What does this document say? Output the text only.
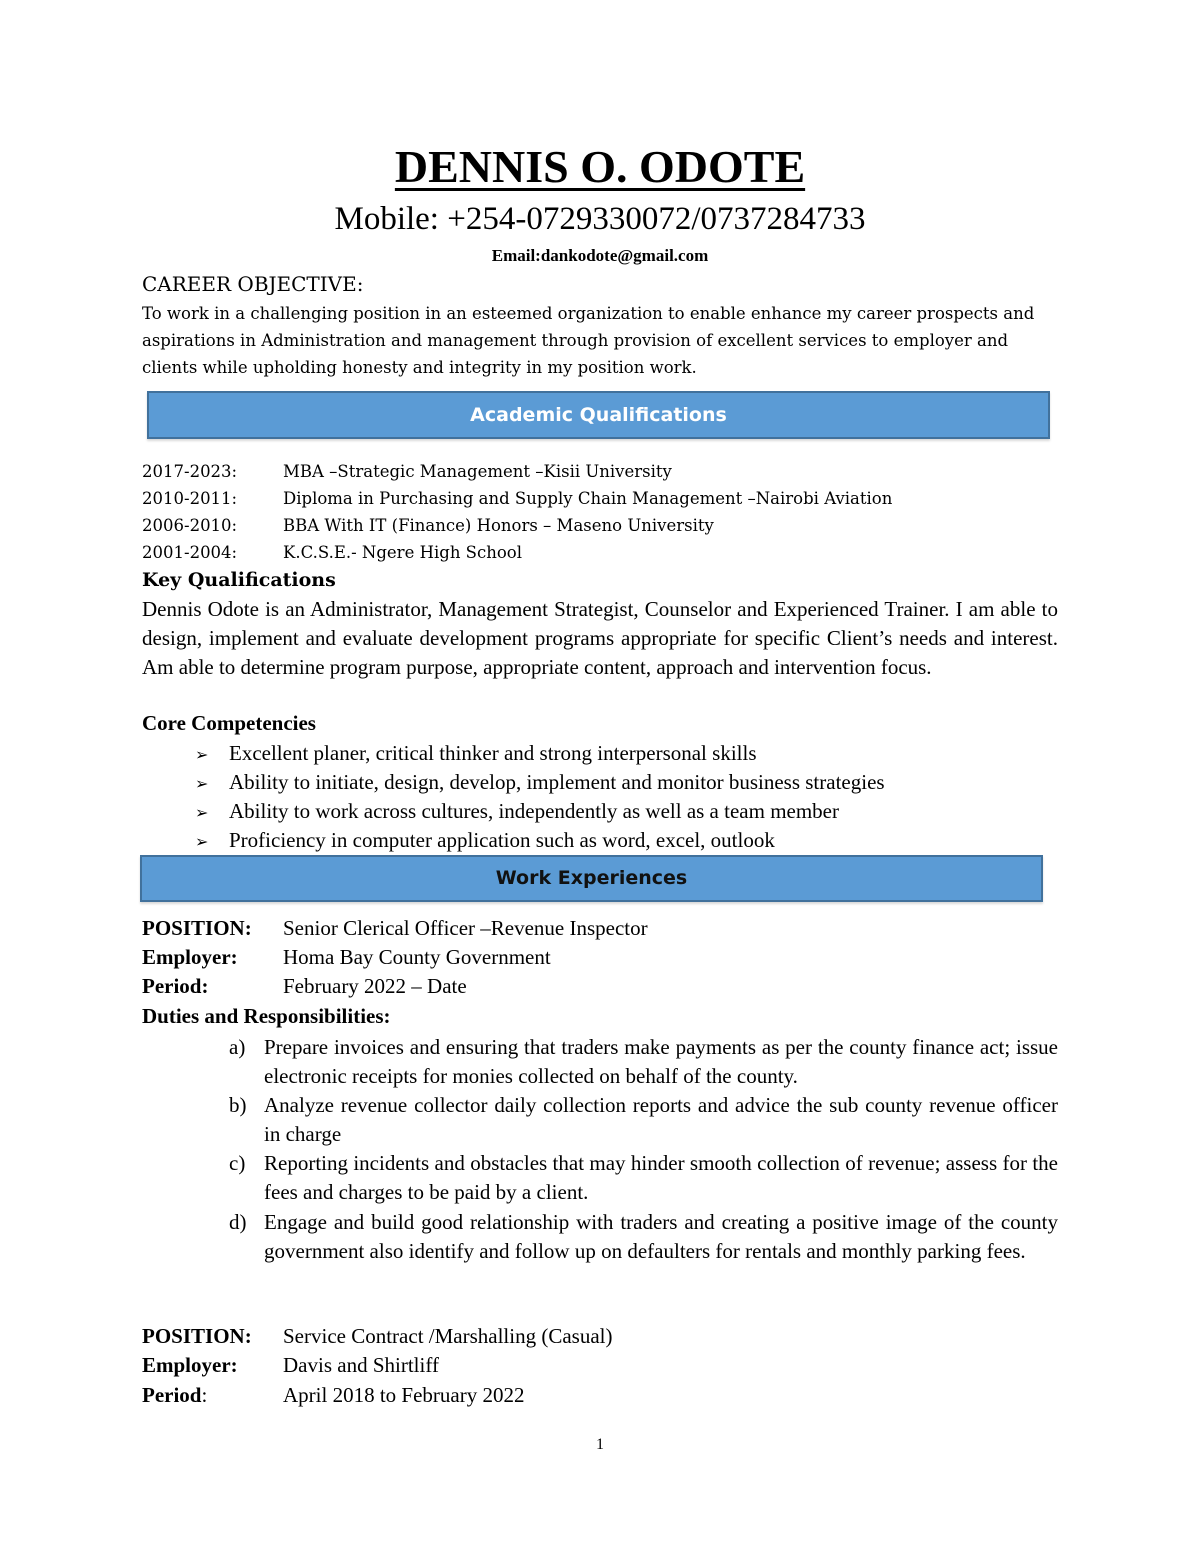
DENNIS O. ODOTE
Mobile: +254-0729330072/0737284733
Email:dankodote@gmail.com
CAREER OBJECTIVE:
To work in a challenging position in an esteemed organization to enable enhance my career prospects and aspirations in Administration and management through provision of excellent services to employer and clients while upholding honesty and integrity in my position work.
Academic Qualifications
2017-2023:	MBA –Strategic Management –Kisii University
2010-2011:	Diploma in Purchasing and Supply Chain Management –Nairobi Aviation
2006-2010:	BBA With IT (Finance) Honors – Maseno University
2001-2004:	K.C.S.E.- Ngere High School
Key Qualifications
Dennis Odote is an Administrator, Management Strategist, Counselor and Experienced Trainer. I am able to design, implement and evaluate development programs appropriate for specific Client’s needs and interest. Am able to determine program purpose, appropriate content, approach and intervention focus.
Core Competencies
➢ Excellent planer, critical thinker and strong interpersonal skills
➢ Ability to initiate, design, develop, implement and monitor business strategies
➢ Ability to work across cultures, independently as well as a team member
➢ Proficiency in computer application such as word, excel, outlook
Work Experiences
POSITION: Senior Clerical Officer –Revenue Inspector
Employer: Homa Bay County Government
Period:	February 2022 – Date
Duties and Responsibilities:
a) Prepare invoices and ensuring that traders make payments as per the county finance act; issue electronic receipts for monies collected on behalf of the county.
b) Analyze revenue collector daily collection reports and advice the sub county revenue officer in charge
c) Reporting incidents and obstacles that may hinder smooth collection of revenue; assess for the fees and charges to be paid by a client.
d) Engage and build good relationship with traders and creating a positive image of the county government also identify and follow up on defaulters for rentals and monthly parking fees.
POSITION: Service Contract /Marshalling (Casual)
Employer: Davis and Shirtliff
Period:	April 2018 to February 2022
1
